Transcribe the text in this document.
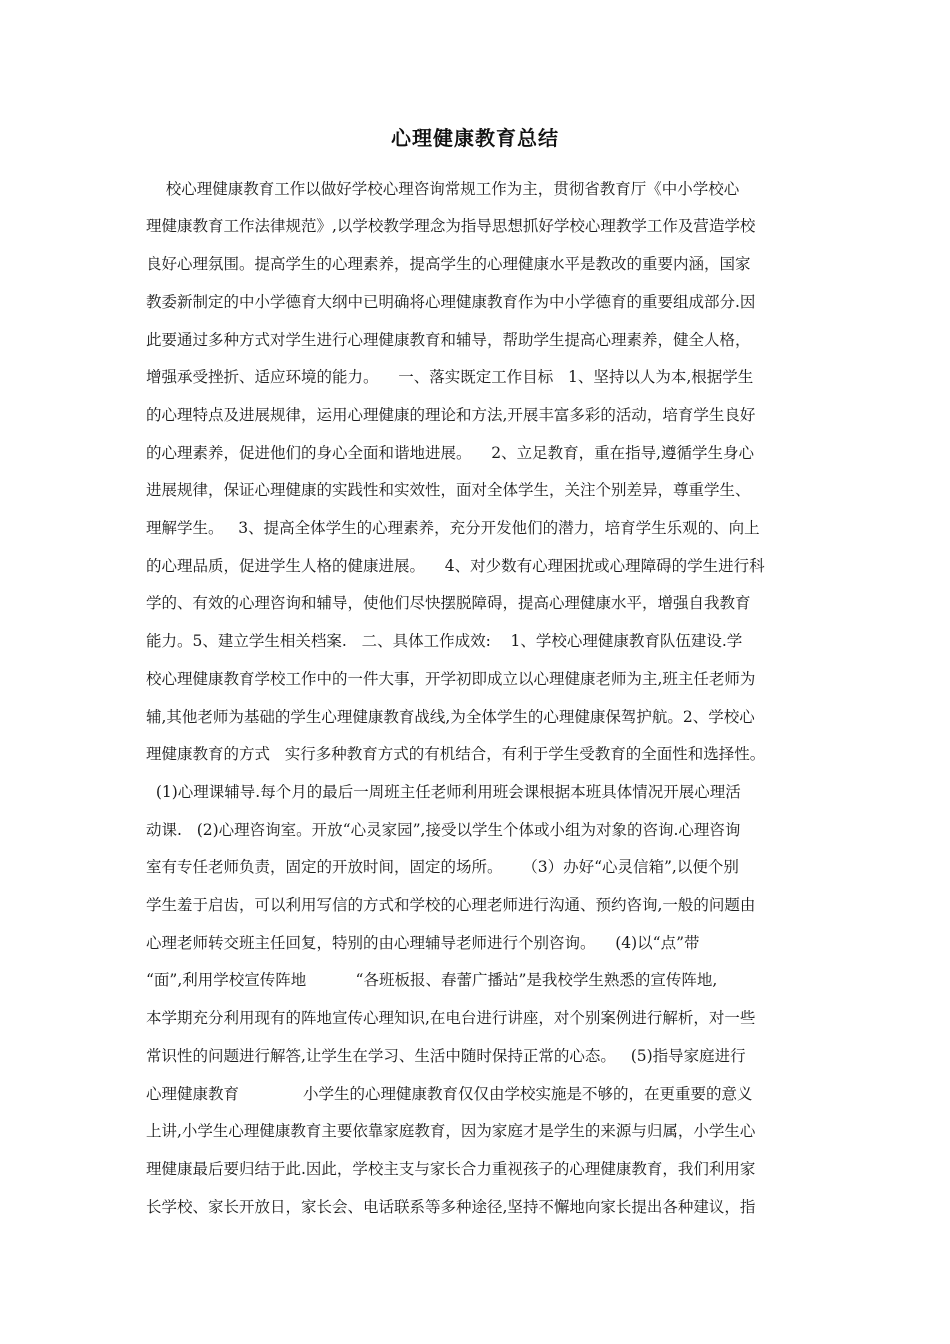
心理健康教育总结
校心理健康教育工作以做好学校心理咨询常规工作为主，贯彻省教育厅《中小学校心
理健康教育工作法律规范》,以学校教学理念为指导思想抓好学校心理教学工作及营造学校
良好心理氛围。提高学生的心理素养，提高学生的心理健康水平是教改的重要内涵，国家
教委新制定的中小学德育大纲中已明确将心理健康教育作为中小学德育的重要组成部分.因
此要通过多种方式对学生进行心理健康教育和辅导，帮助学生提高心理素养，健全人格，
增强承受挫折、适应环境的能力。    一、落实既定工作目标   1、坚持以人为本,根据学生
的心理特点及进展规律，运用心理健康的理论和方法,开展丰富多彩的活动，培育学生良好
的心理素养，促进他们的身心全面和谐地进展。    2、立足教育，重在指导,遵循学生身心
进展规律，保证心理健康的实践性和实效性，面对全体学生，关注个别差异，尊重学生、
理解学生。   3、提高全体学生的心理素养，充分开发他们的潜力，培育学生乐观的、向上
的心理品质，促进学生人格的健康进展。    4、对少数有心理困扰或心理障碍的学生进行科
学的、有效的心理咨询和辅导，使他们尽快摆脱障碍，提高心理健康水平，增强自我教育
能力。5、建立学生相关档案.   二、具体工作成效:    1、学校心理健康教育队伍建设.学
校心理健康教育学校工作中的一件大事，开学初即成立以心理健康老师为主,班主任老师为
辅,其他老师为基础的学生心理健康教育战线,为全体学生的心理健康保驾护航。2、学校心
理健康教育的方式   实行多种教育方式的有机结合，有利于学生受教育的全面性和选择性。
(1)心理课辅导.每个月的最后一周班主任老师利用班会课根据本班具体情况开展心理活
动课.   (2)心理咨询室。开放“心灵家园”,接受以学生个体或小组为对象的咨询.心理咨询
室有专任老师负责，固定的开放时间，固定的场所。    （3）办好“心灵信箱”,以便个别
学生羞于启齿，可以利用写信的方式和学校的心理老师进行沟通、预约咨询,一般的问题由
心理老师转交班主任回复，特别的由心理辅导老师进行个别咨询。    (4)以“点”带
“面”,利用学校宣传阵地          “各班板报、春蕾广播站”是我校学生熟悉的宣传阵地,
本学期充分利用现有的阵地宣传心理知识,在电台进行讲座，对个别案例进行解析，对一些
常识性的问题进行解答,让学生在学习、生活中随时保持正常的心态。   (5)指导家庭进行
心理健康教育             小学生的心理健康教育仅仅由学校实施是不够的，在更重要的意义
上讲,小学生心理健康教育主要依靠家庭教育，因为家庭才是学生的来源与归属，小学生心
理健康最后要归结于此.因此，学校主支与家长合力重视孩子的心理健康教育，我们利用家
长学校、家长开放日，家长会、电话联系等多种途径,坚持不懈地向家长提出各种建议，指
